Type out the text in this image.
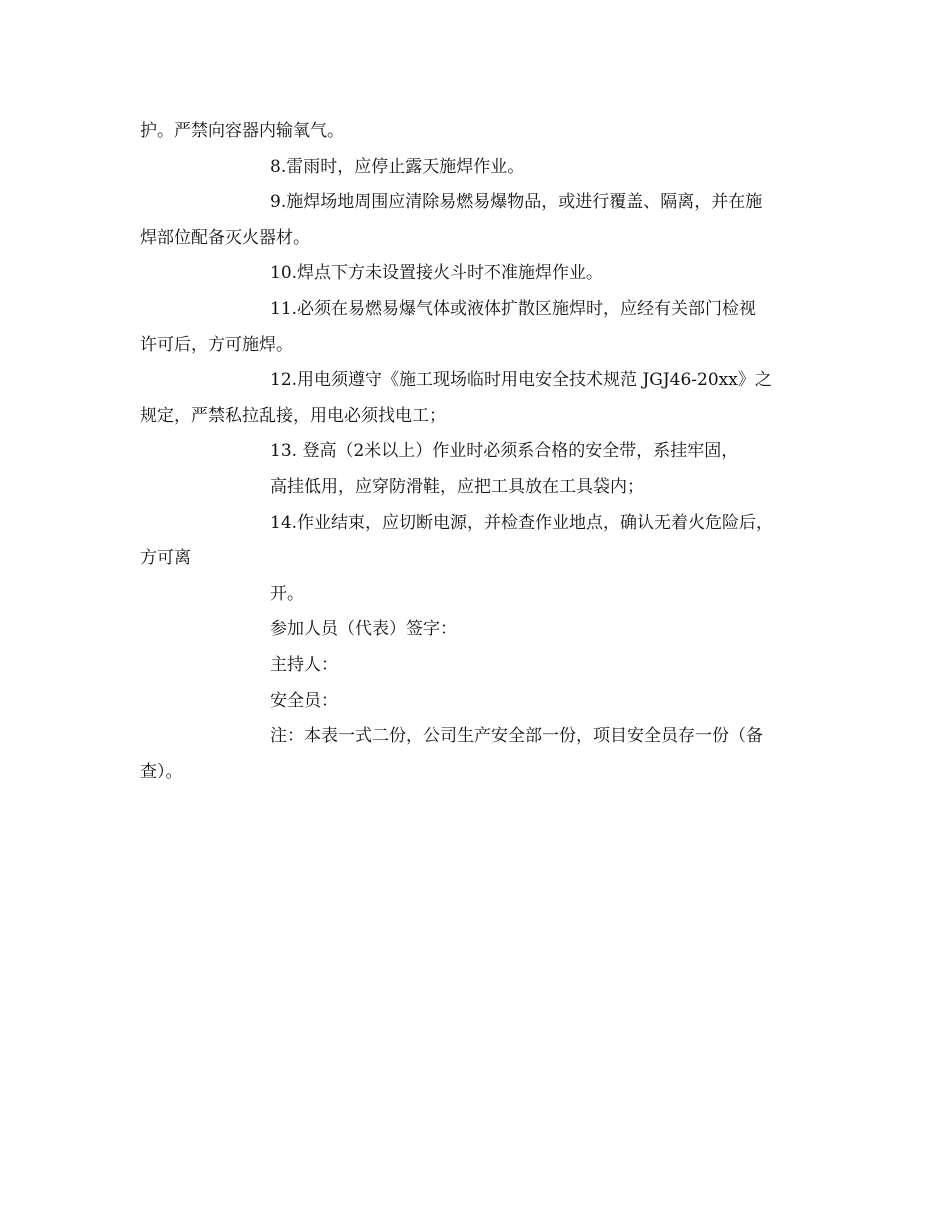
护。严禁向容器内输氧气。
8.雷雨时，应停止露天施焊作业。
9.施焊场地周围应清除易燃易爆物品，或进行覆盖、隔离，并在施
焊部位配备灭火器材。
10.焊点下方未设置接火斗时不准施焊作业。
11.必须在易燃易爆气体或液体扩散区施焊时，应经有关部门检视
许可后，方可施焊。
12.用电须遵守《施工现场临时用电安全技术规范 JGJ46-20xx》之
规定，严禁私拉乱接，用电必须找电工；
13. 登高（2米以上）作业时必须系合格的安全带，系挂牢固，
高挂低用，应穿防滑鞋，应把工具放在工具袋内；
14.作业结束，应切断电源，并检查作业地点，确认无着火危险后，
方可离
开。
参加人员（代表）签字：
主持人：
安全员：
注：本表一式二份，公司生产安全部一份，项目安全员存一份（备
查）。
